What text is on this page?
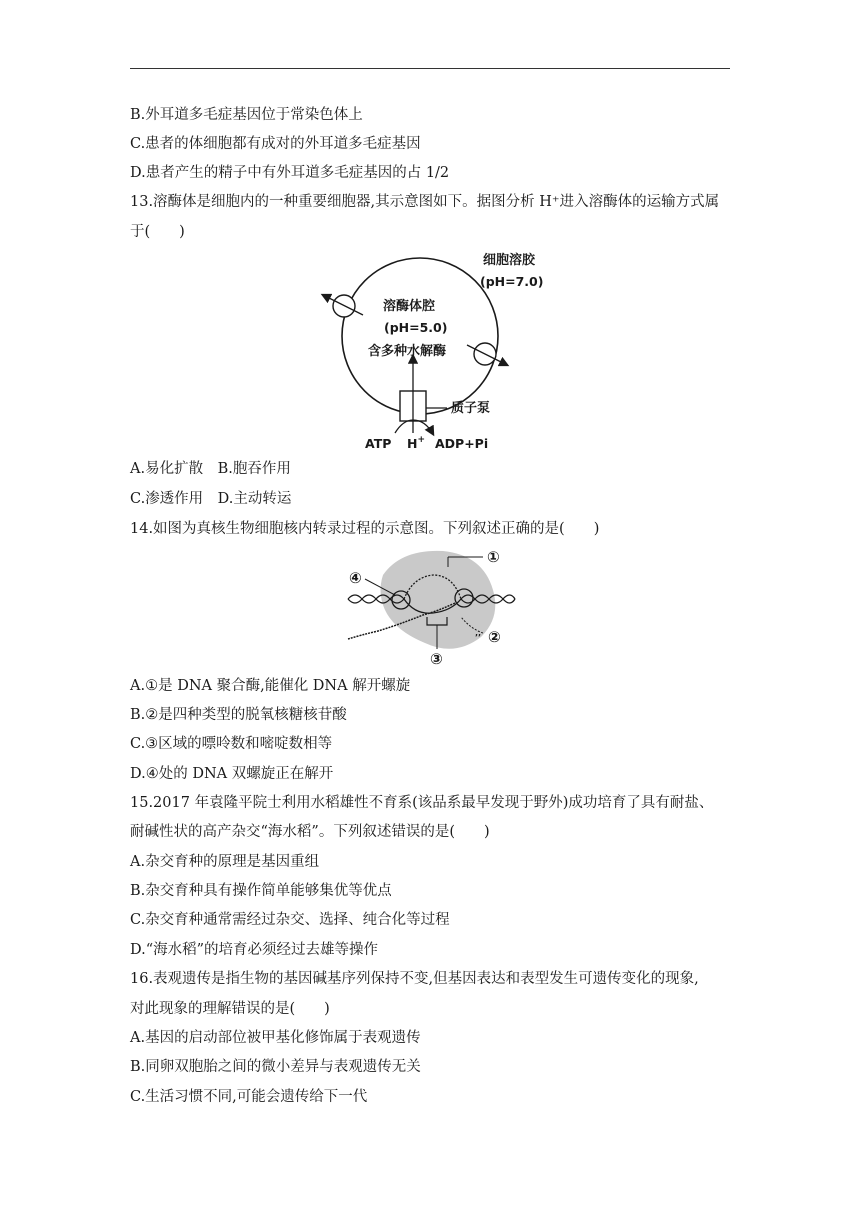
B.外耳道多毛症基因位于常染色体上
C.患者的体细胞都有成对的外耳道多毛症基因
D.患者产生的精子中有外耳道多毛症基因的占 1/2
13.溶酶体是细胞内的一种重要细胞器,其示意图如下。据图分析 H⁺进入溶酶体的运输方式属
于(　　)
细胞溶胶
(pH=7.0)
溶酶体腔
(pH=5.0)
含多种水解酶
质子泵
ATP H+ ADP+Pi
A.易化扩散　B.胞吞作用
C.渗透作用　D.主动转运
14.如图为真核生物细胞核内转录过程的示意图。下列叙述正确的是(　　)
ʼʼ
①
②
③
④
A.①是 DNA 聚合酶,能催化 DNA 解开螺旋
B.②是四种类型的脱氧核糖核苷酸
C.③区域的嘌呤数和嘧啶数相等
D.④处的 DNA 双螺旋正在解开
15.2017 年袁隆平院士利用水稻雄性不育系(该品系最早发现于野外)成功培育了具有耐盐、
耐碱性状的高产杂交“海水稻”。下列叙述错误的是(　　)
A.杂交育种的原理是基因重组
B.杂交育种具有操作简单能够集优等优点
C.杂交育种通常需经过杂交、选择、纯合化等过程
D.“海水稻”的培育必须经过去雄等操作
16.表观遗传是指生物的基因碱基序列保持不变,但基因表达和表型发生可遗传变化的现象,
对此现象的理解错误的是(　　)
A.基因的启动部位被甲基化修饰属于表观遗传
B.同卵双胞胎之间的微小差异与表观遗传无关
C.生活习惯不同,可能会遗传给下一代
